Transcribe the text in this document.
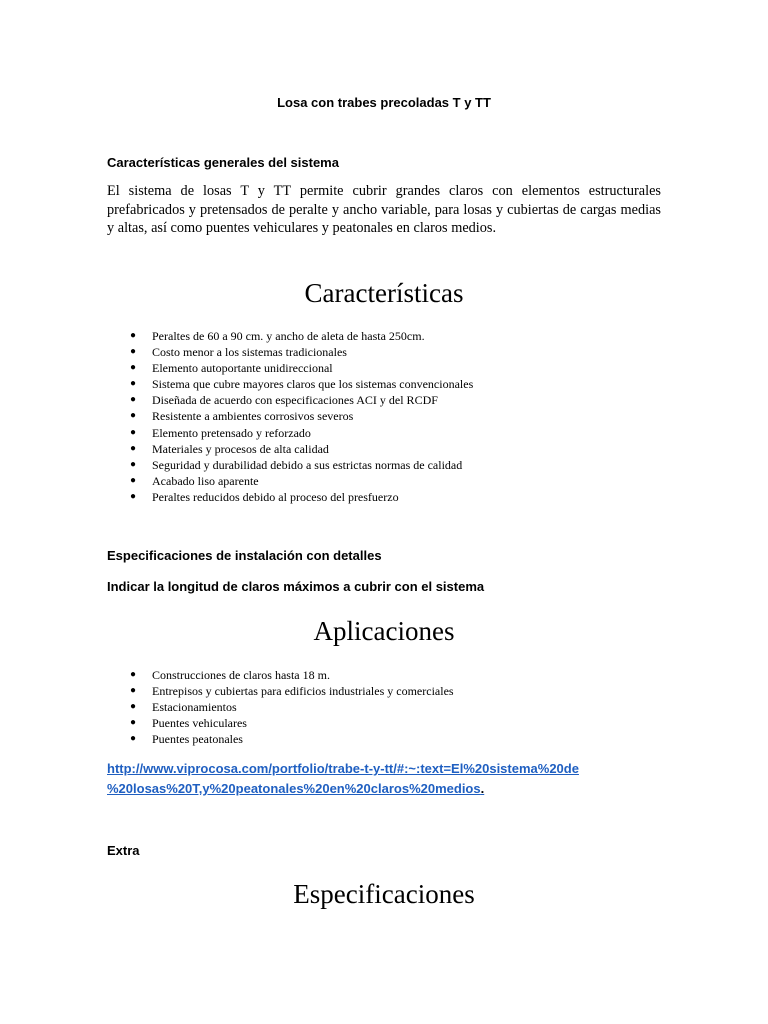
Losa con trabes precoladas T y TT
Características generales del sistema
El sistema de losas T y TT permite cubrir grandes claros con elementos estructurales prefabricados y pretensados de peralte y ancho variable, para losas y cubiertas de cargas medias y altas, así como puentes vehiculares y peatonales en claros medios.
Características
● Peraltes de 60 a 90 cm. y ancho de aleta de hasta 250cm.
● Costo menor a los sistemas tradicionales
● Elemento autoportante unidireccional
● Sistema que cubre mayores claros que los sistemas convencionales
● Diseñada de acuerdo con especificaciones ACI y del RCDF
● Resistente a ambientes corrosivos severos
● Elemento pretensado y reforzado
● Materiales y procesos de alta calidad
● Seguridad y durabilidad debido a sus estrictas normas de calidad
● Acabado liso aparente
● Peraltes reducidos debido al proceso del presfuerzo
Especificaciones de instalación con detalles
Indicar la longitud de claros máximos a cubrir con el sistema
Aplicaciones
● Construcciones de claros hasta 18 m.
● Entrepisos y cubiertas para edificios industriales y comerciales
● Estacionamientos
● Puentes vehiculares
● Puentes peatonales
http://www.viprocosa.com/portfolio/trabe-t-y-tt/#:~:text=El%20sistema%20de
%20losas%20T,y%20peatonales%20en%20claros%20medios.
Extra
Especificaciones
